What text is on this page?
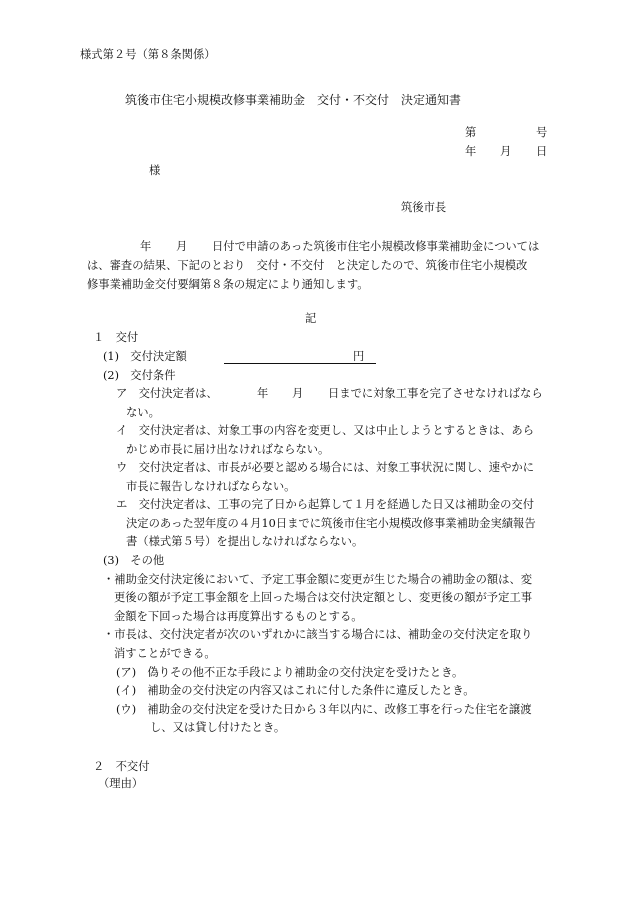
様式第２号（第８条関係）
筑後市住宅小規模改修事業補助金　交付・不交付　決定通知書
第	号
年 月 日
様
筑後市長
年 月 日付で申請のあった筑後市住宅小規模改修事業補助金については
は、審査の結果、下記のとおり　交付・不交付　と決定したので、筑後市住宅小規模改
修事業補助金交付要綱第８条の規定により通知します。
記
１　交付
(1)　交付決定額	円
(2)　交付条件
ア　交付決定者は、	年 月 日までに対象工事を完了させなければなら
ない。
イ　交付決定者は、対象工事の内容を変更し、又は中止しようとするときは、あら
かじめ市長に届け出なければならない。
ウ　交付決定者は、市長が必要と認める場合には、対象工事状況に関し、速やかに
市長に報告しなければならない。
エ　交付決定者は、工事の完了日から起算して１月を経過した日又は補助金の交付
決定のあった翌年度の４月10日までに筑後市住宅小規模改修事業補助金実績報告
書（様式第５号）を提出しなければならない。
(3)　その他
・補助金交付決定後において、予定工事金額に変更が生じた場合の補助金の額は、変
更後の額が予定工事金額を上回った場合は交付決定額とし、変更後の額が予定工事
金額を下回った場合は再度算出するものとする。
・市長は、交付決定者が次のいずれかに該当する場合には、補助金の交付決定を取り
消すことができる。
(ア)　偽りその他不正な手段により補助金の交付決定を受けたとき。
(イ)　補助金の交付決定の内容又はこれに付した条件に違反したとき。
(ウ)　補助金の交付決定を受けた日から３年以内に、改修工事を行った住宅を譲渡
し、又は貸し付けたとき。
２　不交付
（理由）
